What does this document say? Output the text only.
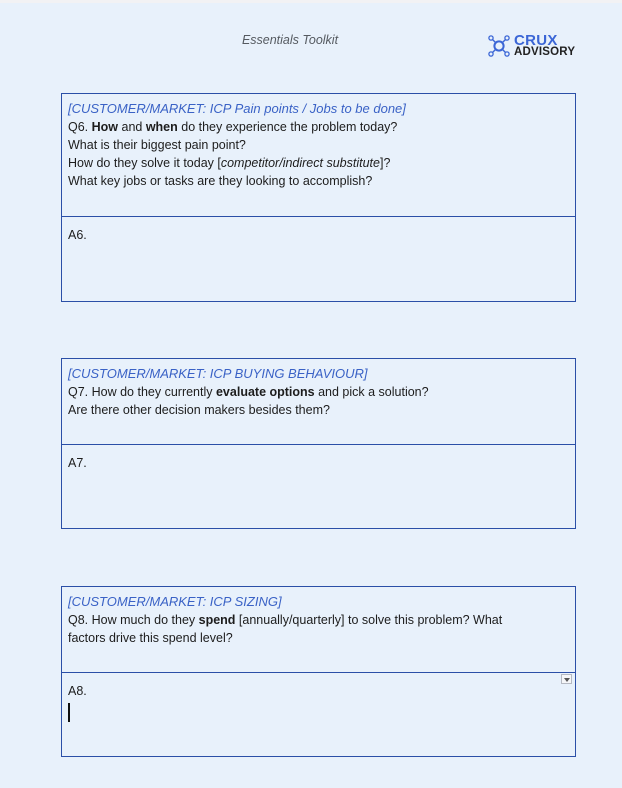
Essentials Toolkit	CRUX
ADVISORY
[CUSTOMER/MARKET: ICP Pain points / Jobs to be done]
Q6. How and when do they experience the problem today?
What is their biggest pain point?
How do they solve it today [competitor/indirect substitute]?
What key jobs or tasks are they looking to accomplish?
A6.
[CUSTOMER/MARKET: ICP BUYING BEHAVIOUR]
Q7. How do they currently evaluate options and pick a solution?
Are there other decision makers besides them?
A7.
[CUSTOMER/MARKET: ICP SIZING]
Q8. How much do they spend [annually/quarterly] to solve this problem? What
factors drive this spend level?
A8.
